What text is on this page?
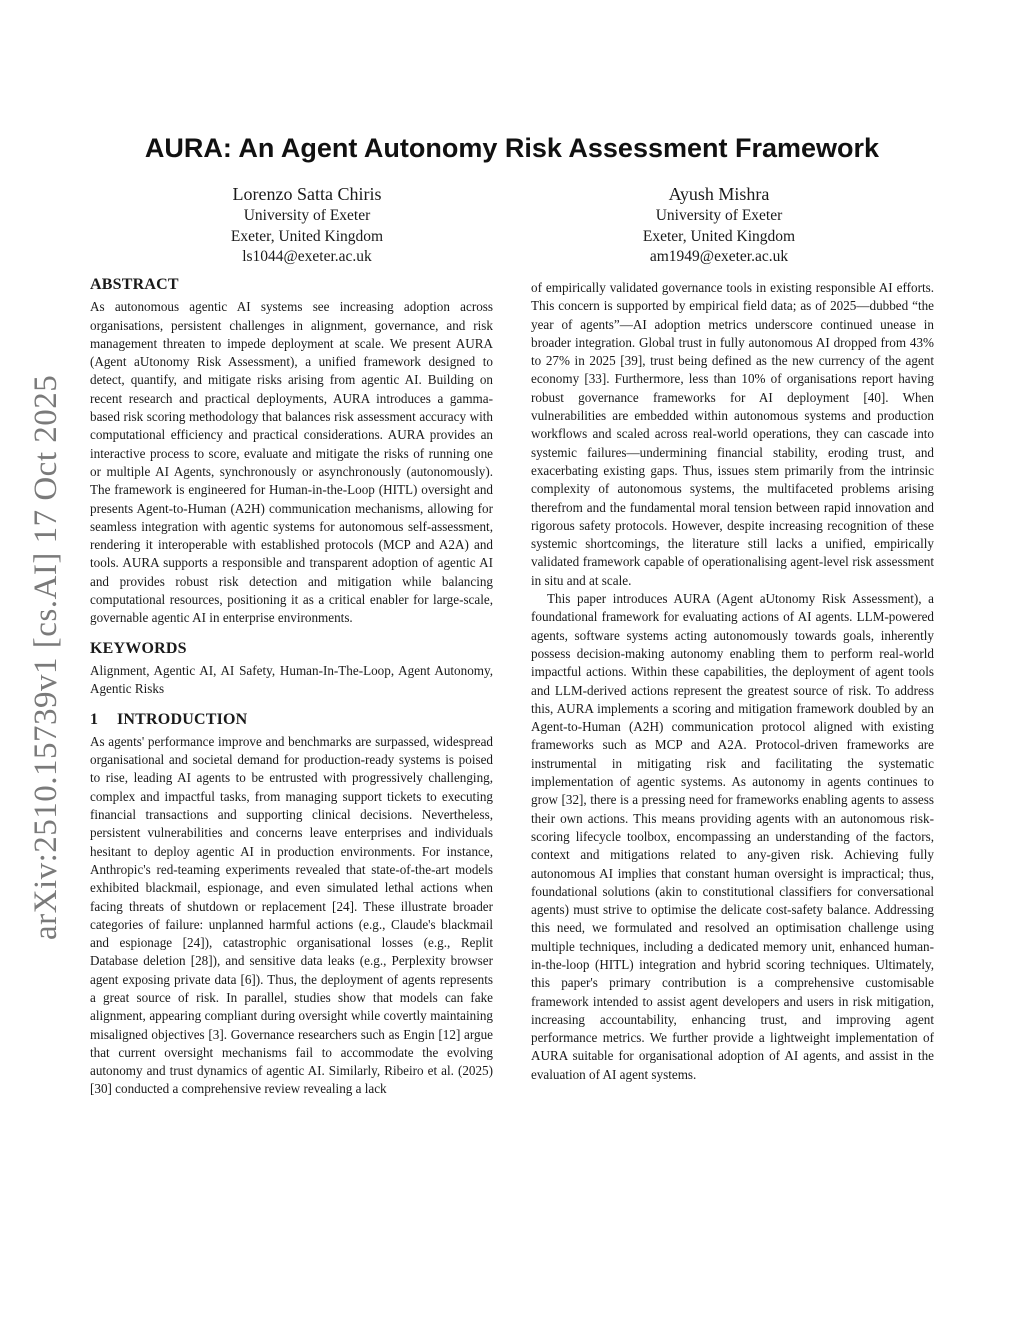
arXiv:2510.15739v1 [cs.AI] 17 Oct 2025
AURA: An Agent Autonomy Risk Assessment Framework
Lorenzo Satta Chiris
University of Exeter
Exeter, United Kingdom
ls1044@exeter.ac.uk
Ayush Mishra
University of Exeter
Exeter, United Kingdom
am1949@exeter.ac.uk
ABSTRACT

As autonomous agentic AI systems see increasing adoption across organisations, persistent challenges in alignment, governance, and risk management threaten to impede deployment at scale. We present AURA (Agent aUtonomy Risk Assessment), a unified framework designed to detect, quantify, and mitigate risks arising from agentic AI. Building on recent research and practical deployments, AURA introduces a gamma-based risk scoring methodology that balances risk assessment accuracy with computational efficiency and practical considerations. AURA provides an interactive process to score, evaluate and mitigate the risks of running one or multiple AI Agents, synchronously or asynchronously (autonomously). The framework is engineered for Human-in-the-Loop (HITL) oversight and presents Agent-to-Human (A2H) communication mechanisms, allowing for seamless integration with agentic systems for autonomous self-assessment, rendering it interoperable with established protocols (MCP and A2A) and tools. AURA supports a responsible and transparent adoption of agentic AI and provides robust risk detection and mitigation while balancing computational resources, positioning it as a critical enabler for large-scale, governable agentic AI in enterprise environments.

KEYWORDS

Alignment, Agentic AI, AI Safety, Human-In-The-Loop, Agent Autonomy, Agentic Risks

1 INTRODUCTION

As agents' performance improve and benchmarks are surpassed, widespread organisational and societal demand for production-ready systems is poised to rise, leading AI agents to be entrusted with progressively challenging, complex and impactful tasks, from managing support tickets to executing financial transactions and supporting clinical decisions. Nevertheless, persistent vulnerabilities and concerns leave enterprises and individuals hesitant to deploy agentic AI in production environments. For instance, Anthropic's red-teaming experiments revealed that state-of-the-art models exhibited blackmail, espionage, and even simulated lethal actions when facing threats of shutdown or replacement [24]. These illustrate broader categories of failure: unplanned harmful actions (e.g., Claude's blackmail and espionage [24]), catastrophic organisational losses (e.g., Replit Database deletion [28]), and sensitive data leaks (e.g., Perplexity browser agent exposing private data [6]). Thus, the deployment of agents represents a great source of risk. In parallel, studies show that models can fake alignment, appearing compliant during oversight while covertly maintaining misaligned objectives [3]. Governance researchers such as Engin [12] argue that current oversight mechanisms fail to accommodate the evolving autonomy and trust dynamics of agentic AI. Similarly, Ribeiro et al. (2025) [30] conducted a comprehensive review revealing a lack

of empirically validated governance tools in existing responsible AI efforts. This concern is supported by empirical field data; as of 2025—dubbed “the year of agents”—AI adoption metrics underscore continued unease in broader integration. Global trust in fully autonomous AI dropped from 43% to 27% in 2025 [39], trust being defined as the new currency of the agent economy [33]. Furthermore, less than 10% of organisations report having robust governance frameworks for AI deployment [40]. When vulnerabilities are embedded within autonomous systems and production workflows and scaled across real-world operations, they can cascade into systemic failures—undermining financial stability, eroding trust, and exacerbating existing gaps. Thus, issues stem primarily from the intrinsic complexity of autonomous systems, the multifaceted problems arising therefrom and the fundamental moral tension between rapid innovation and rigorous safety protocols. However, despite increasing recognition of these systemic shortcomings, the literature still lacks a unified, empirically validated framework capable of operationalising agent-level risk assessment in situ and at scale.

This paper introduces AURA (Agent aUtonomy Risk Assessment), a foundational framework for evaluating actions of AI agents. LLM-powered agents, software systems acting autonomously towards goals, inherently possess decision-making autonomy enabling them to perform real-world impactful actions. Within these capabilities, the deployment of agent tools and LLM-derived actions represent the greatest source of risk. To address this, AURA implements a scoring and mitigation framework doubled by an Agent-to-Human (A2H) communication protocol aligned with existing frameworks such as MCP and A2A. Protocol-driven frameworks are instrumental in mitigating risk and facilitating the systematic implementation of agentic systems. As autonomy in agents continues to grow [32], there is a pressing need for frameworks enabling agents to assess their own actions. This means providing agents with an autonomous risk-scoring lifecycle toolbox, encompassing an understanding of the factors, context and mitigations related to any-given risk. Achieving fully autonomous AI implies that constant human oversight is impractical; thus, foundational solutions (akin to constitutional classifiers for conversational agents) must strive to optimise the delicate cost-safety balance. Addressing this need, we formulated and resolved an optimisation challenge using multiple techniques, including a dedicated memory unit, enhanced human-in-the-loop (HITL) integration and hybrid scoring techniques. Ultimately, this paper's primary contribution is a comprehensive customisable framework intended to assist agent developers and users in risk mitigation, increasing accountability, enhancing trust, and improving agent performance metrics. We further provide a lightweight implementation of AURA suitable for organisational adoption of AI agents, and assist in the evaluation of AI agent systems.
